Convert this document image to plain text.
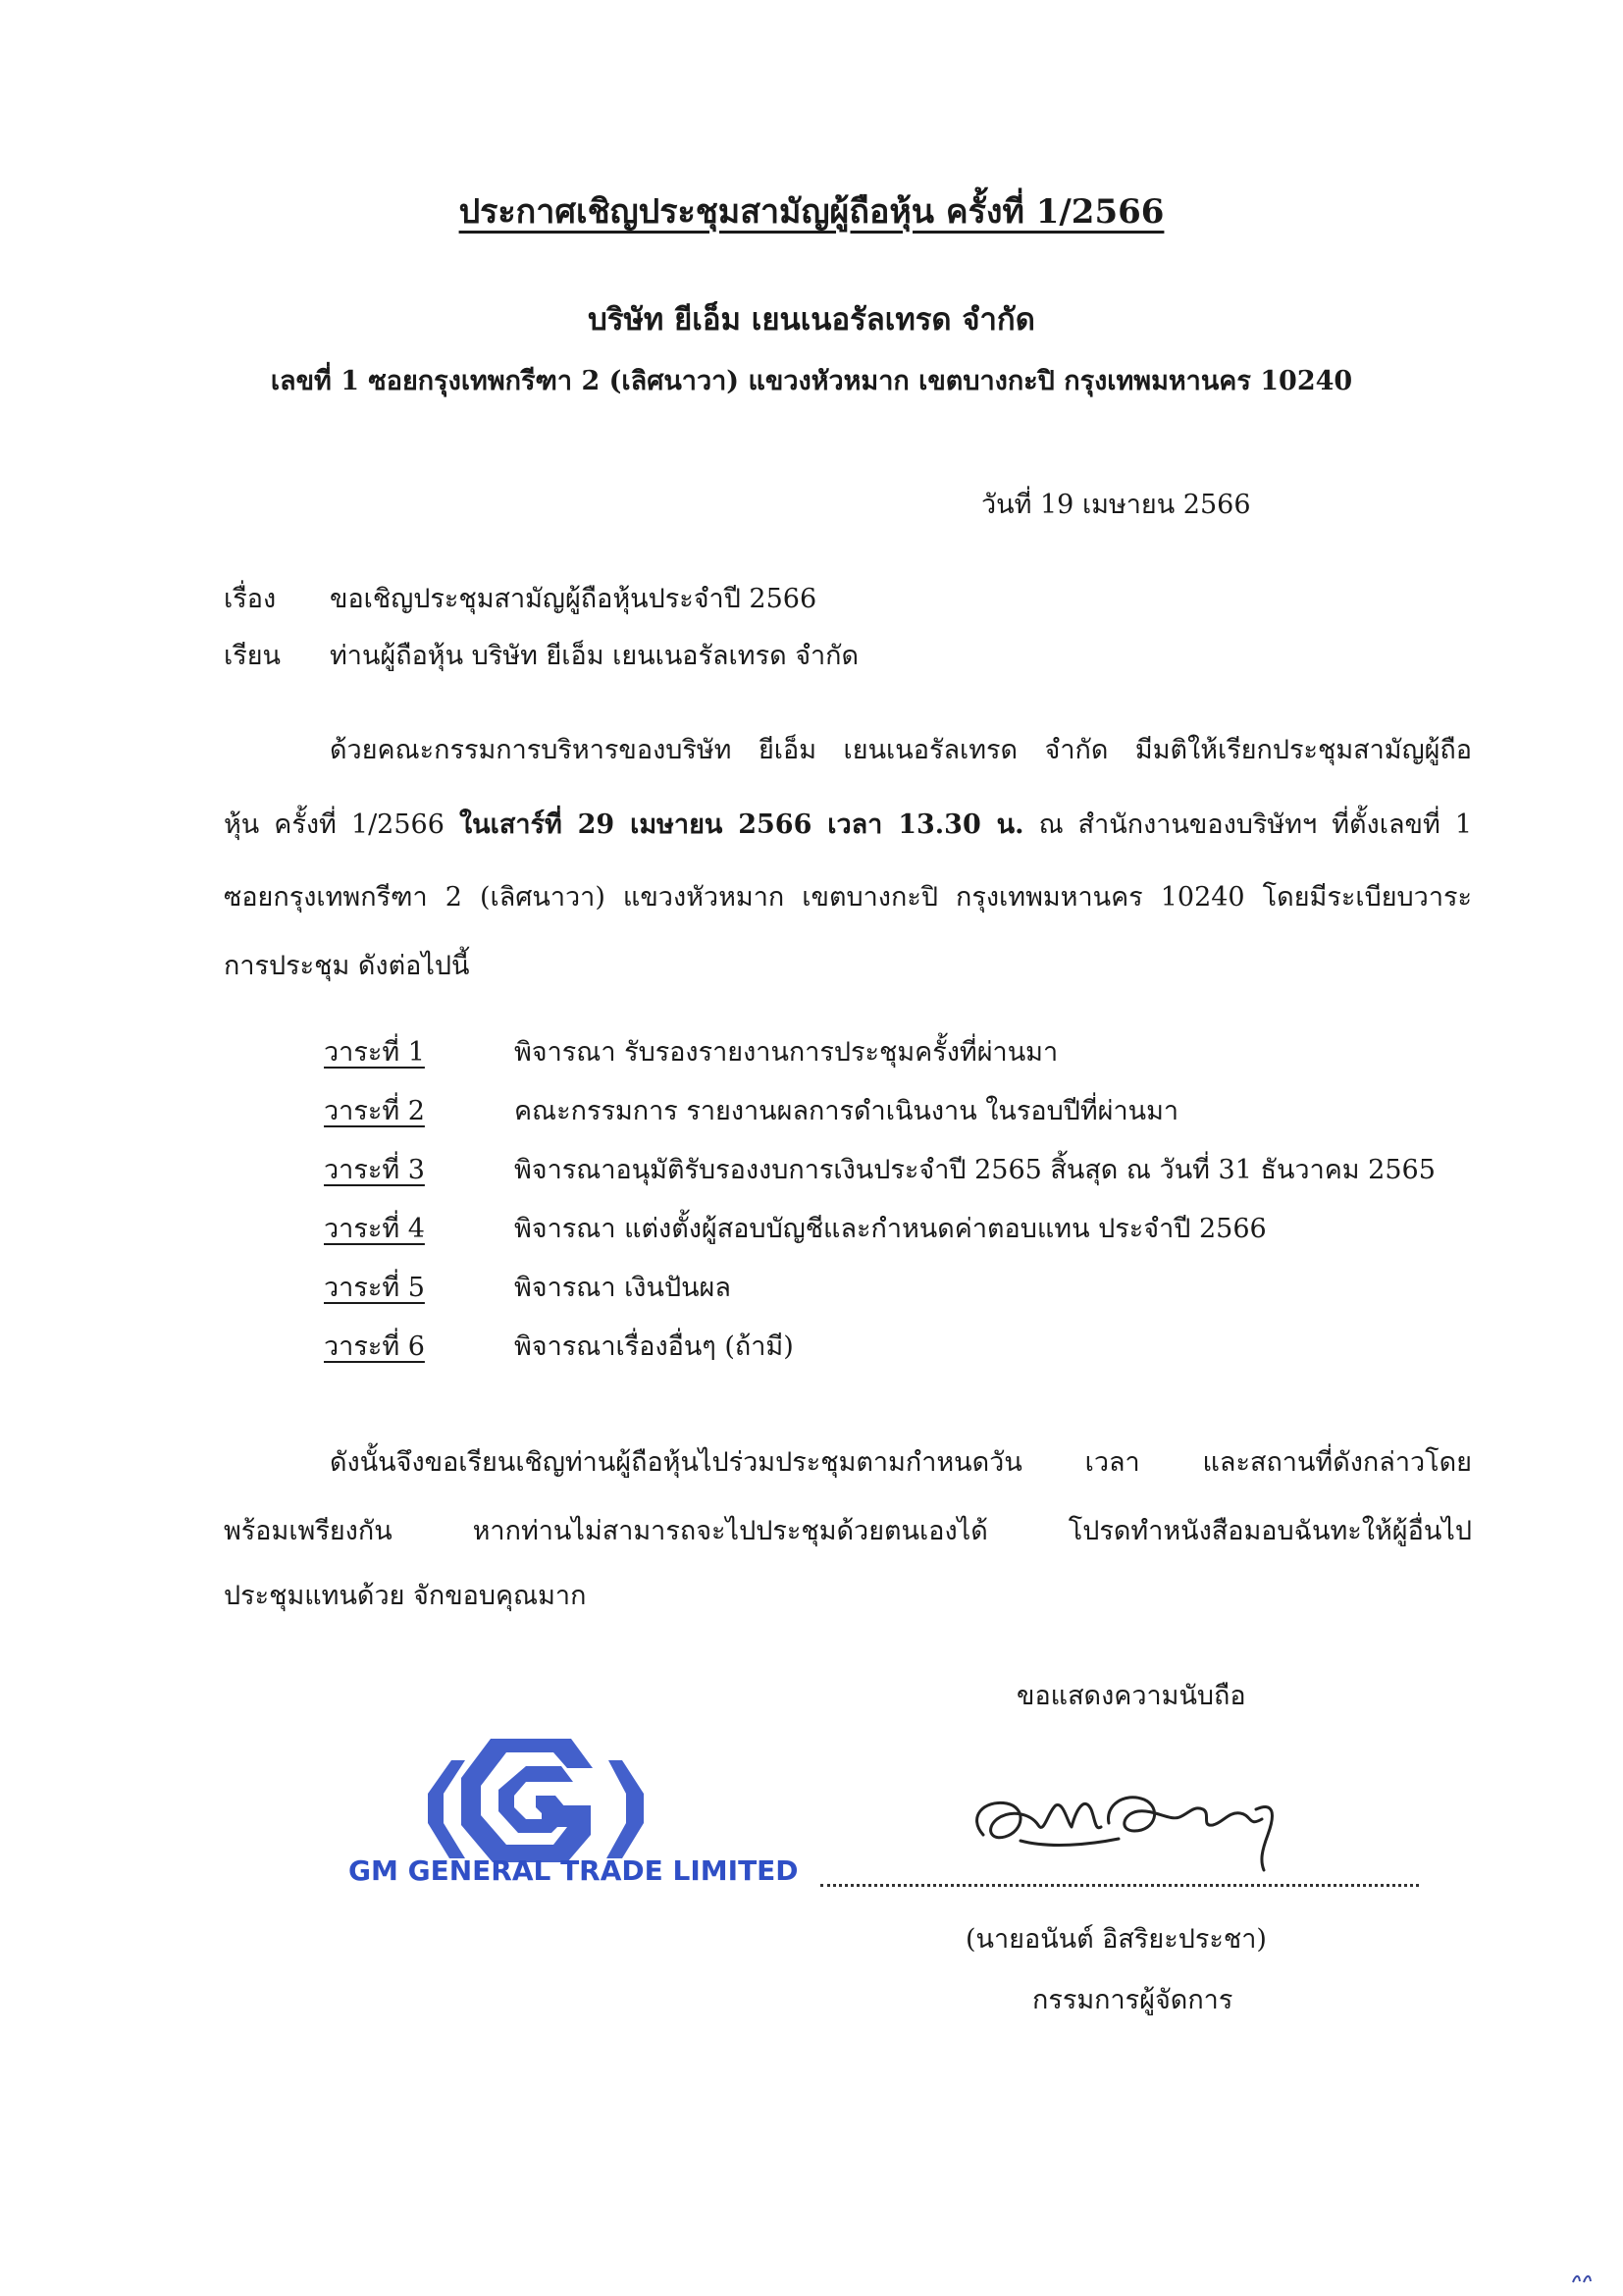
ประกาศเชิญประชุมสามัญผู้ถือหุ้น ครั้งที่ 1/2566
บริษัท ยีเอ็ม เยนเนอรัลเทรด จำกัด
เลขที่ 1 ซอยกรุงเทพกรีฑา 2 (เลิศนาวา) แขวงหัวหมาก เขตบางกะปิ กรุงเทพมหานคร 10240
วันที่ 19 เมษายน 2566
เรื่อง ขอเชิญประชุมสามัญผู้ถือหุ้นประจำปี 2566
เรียน ท่านผู้ถือหุ้น บริษัท ยีเอ็ม เยนเนอรัลเทรด จำกัด
ด้วยคณะกรรมการบริหารของบริษัท ยีเอ็ม เยนเนอรัลเทรด จำกัด มีมติให้เรียกประชุมสามัญผู้ถือ
หุ้น ครั้งที่ 1/2566 ในเสาร์ที่ 29 เมษายน 2566 เวลา 13.30 น. ณ สำนักงานของบริษัทฯ ที่ตั้งเลขที่ 1
ซอยกรุงเทพกรีฑา 2 (เลิศนาวา) แขวงหัวหมาก เขตบางกะปิ กรุงเทพมหานคร 10240 โดยมีระเบียบวาระ
การประชุม ดังต่อไปนี้
วาระที่ 1	พิจารณา รับรองรายงานการประชุมครั้งที่ผ่านมา
วาระที่ 2	คณะกรรมการ รายงานผลการดำเนินงาน ในรอบปีที่ผ่านมา
วาระที่ 3	พิจารณาอนุมัติรับรองงบการเงินประจำปี 2565 สิ้นสุด ณ วันที่ 31 ธันวาคม 2565
วาระที่ 4	พิจารณา แต่งตั้งผู้สอบบัญชีและกำหนดค่าตอบแทน ประจำปี 2566
วาระที่ 5	พิจารณา เงินปันผล
วาระที่ 6	พิจารณาเรื่องอื่นๆ (ถ้ามี)
ดังนั้นจึงขอเรียนเชิญท่านผู้ถือหุ้นไปร่วมประชุมตามกำหนดวัน เวลา และสถานที่ดังกล่าวโดย
พร้อมเพรียงกัน หากท่านไม่สามารถจะไปประชุมด้วยตนเองได้ โปรดทำหนังสือมอบฉันทะให้ผู้อื่นไป
ประชุมแทนด้วย จักขอบคุณมาก
ขอแสดงความนับถือ
GM GENERAL TRADE LIMITED
(นายอนันต์ อิสริยะประชา)
กรรมการผู้จัดการ
